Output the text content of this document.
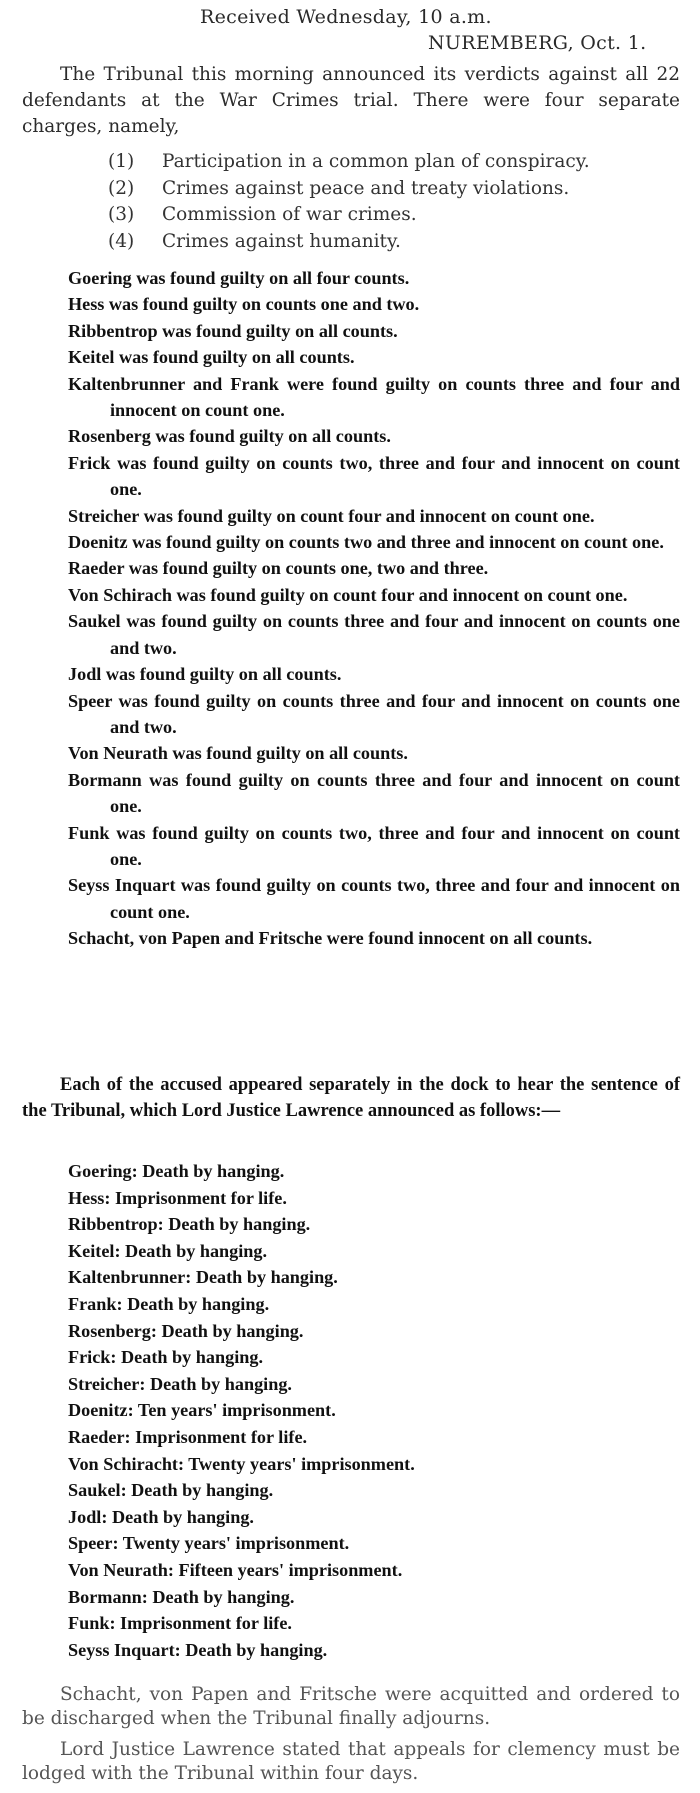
Received Wednesday, 10 a.m.
NUREMBERG, Oct. 1.

The Tribunal this morning announced its verdicts against all 22 defendants at the War Crimes trial. There were four separate charges, namely,

(1) Participation in a common plan of conspiracy.
(2) Crimes against peace and treaty violations.
(3) Commission of war crimes.
(4) Crimes against humanity.
Goering was found guilty on all four counts.
Hess was found guilty on counts one and two.
Ribbentrop was found guilty on all counts.
Keitel was found guilty on all counts.
Kaltenbrunner and Frank were found guilty on counts three and four and innocent on count one.
Rosenberg was found guilty on all counts.
Frick was found guilty on counts two, three and four and innocent on count one.
Streicher was found guilty on count four and innocent on count one.
Doenitz was found guilty on counts two and three and innocent on count one.
Raeder was found guilty on counts one, two and three.
Von Schirach was found guilty on count four and innocent on count one.
Saukel was found guilty on counts three and four and innocent on counts one and two.
Jodl was found guilty on all counts.
Speer was found guilty on counts three and four and innocent on counts one and two.
Von Neurath was found guilty on all counts.
Bormann was found guilty on counts three and four and innocent on count one.
Funk was found guilty on counts two, three and four and innocent on count one.
Seyss Inquart was found guilty on counts two, three and four and innocent on count one.
Schacht, von Papen and Fritsche were found innocent on all counts.

Each of the accused appeared separately in the dock to hear the sentence of the Tribunal, which Lord Justice Lawrence announced as follows:—

Goering: Death by hanging.
Hess: Imprisonment for life.
Ribbentrop: Death by hanging.
Keitel: Death by hanging.
Kaltenbrunner: Death by hanging.
Frank: Death by hanging.
Rosenberg: Death by hanging.
Frick: Death by hanging.
Streicher: Death by hanging.
Doenitz: Ten years' imprisonment.
Raeder: Imprisonment for life.
Von Schiracht: Twenty years' imprisonment.
Saukel: Death by hanging.
Jodl: Death by hanging.
Speer: Twenty years' imprisonment.
Von Neurath: Fifteen years' imprisonment.
Bormann: Death by hanging.
Funk: Imprisonment for life.
Seyss Inquart: Death by hanging.

Schacht, von Papen and Fritsche were acquitted and ordered to be discharged when the Tribunal finally adjourns.

Lord Justice Lawrence stated that appeals for clemency must be lodged with the Tribunal within four days.
